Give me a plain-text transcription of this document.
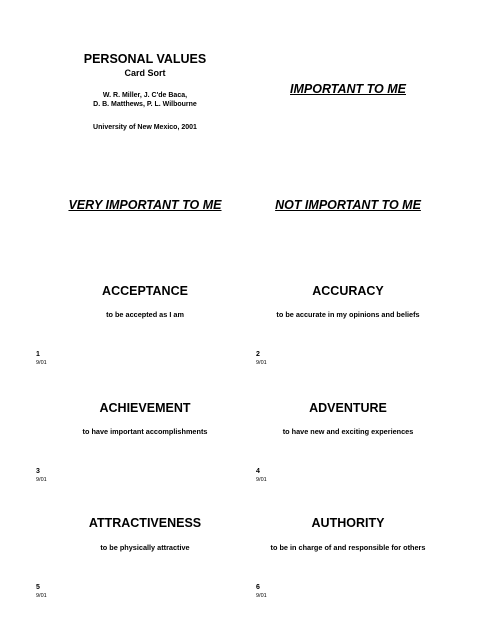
PERSONAL VALUES
Card Sort
W. R. Miller, J. C'de Baca,
D. B. Matthews, P. L. Wilbourne
University of New Mexico, 2001
IMPORTANT TO ME
VERY IMPORTANT TO ME	NOT IMPORTANT TO ME
ACCEPTANCE
to be accepted as I am
1
9/01
ACCURACY
to be accurate in my opinions and beliefs
2
9/01
ACHIEVEMENT
to have important accomplishments
3
9/01
ADVENTURE
to have new and exciting experiences
4
9/01
ATTRACTIVENESS
to be physically attractive
5
9/01
AUTHORITY
to be in charge of and responsible for others
6
9/01
